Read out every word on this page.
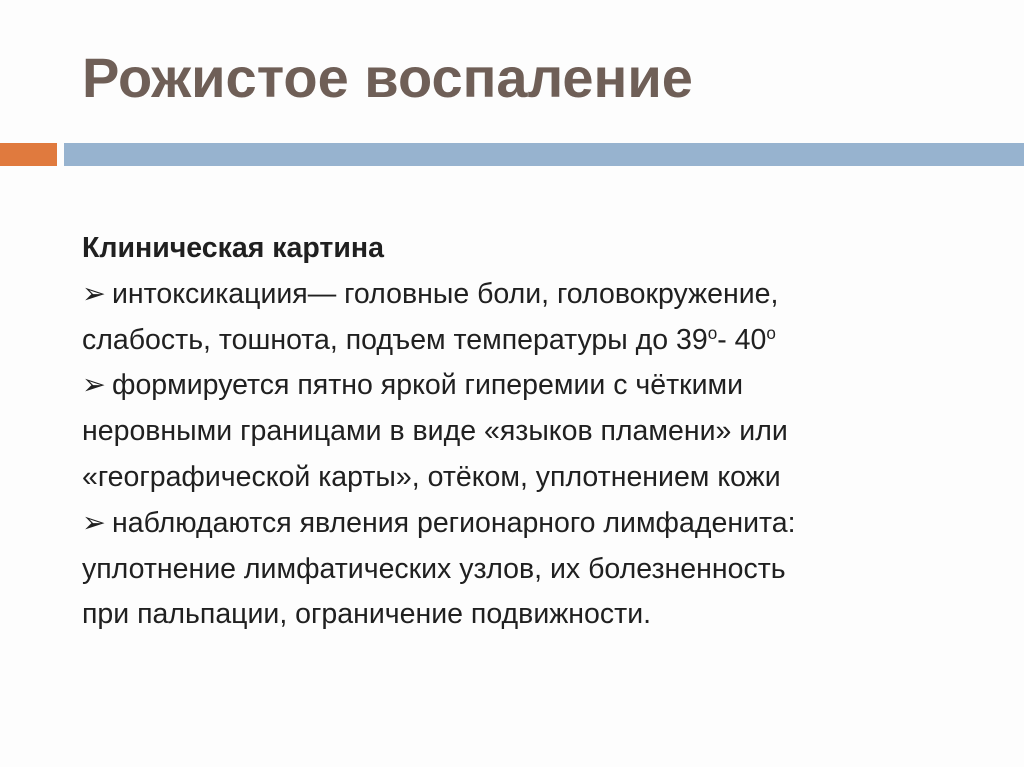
Рожистое воспаление
Клиническая картина
➢ интоксикациия— головные боли, головокружение,
слабость, тошнота, подъем температуры до $39^о-$ $40^о$
➢ формируется пятно яркой гиперемии с чёткими
неровными границами в виде «языков пламени» или
«географической карты», отёком, уплотнением кожи
➢ наблюдаются явления регионарного лимфаденита:
уплотнение лимфатических узлов, их болезненность
при пальпации, ограничение подвижности.
